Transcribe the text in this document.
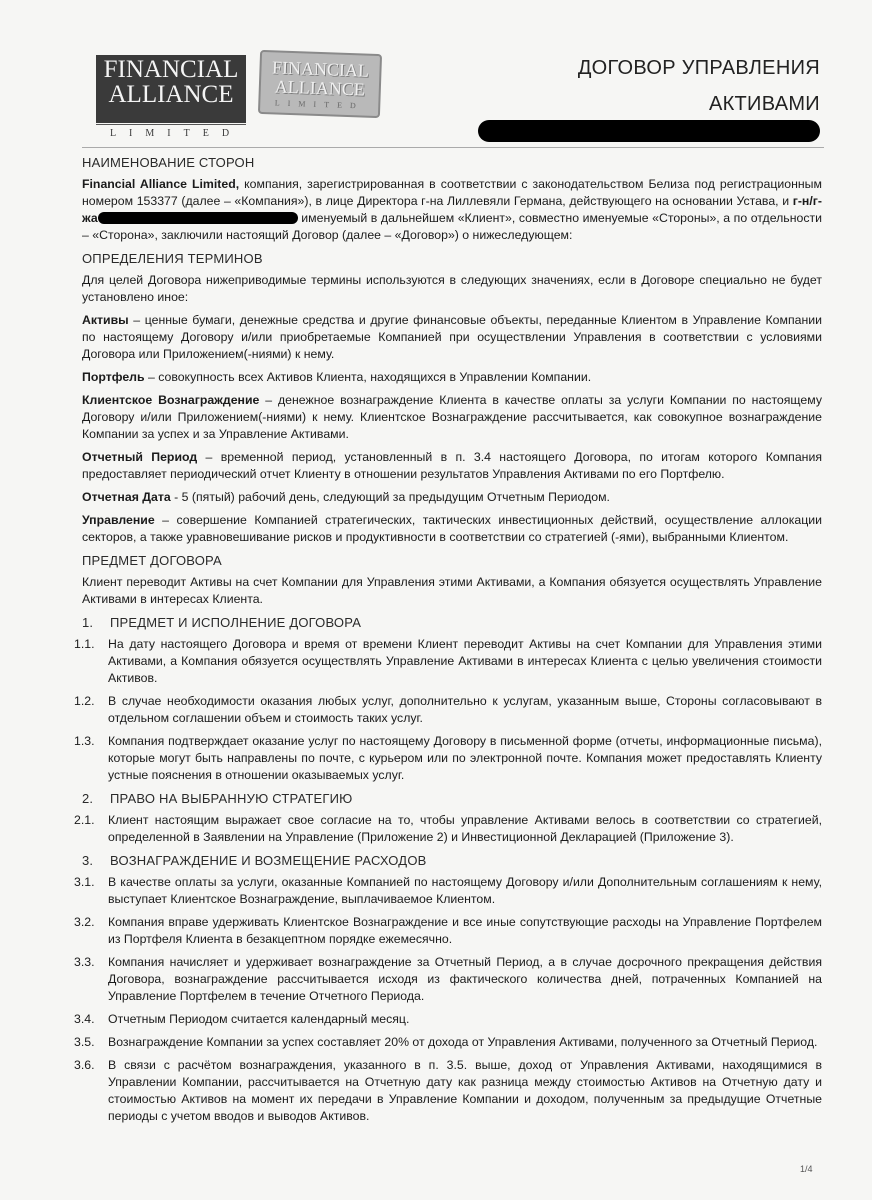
FINANCIAL
ALLIANCE
LIMITED
FINANCIAL
ALLIANCE
LIMITED
ДОГОВОР УПРАВЛЕНИЯ
АКТИВАМИ
НАИМЕНОВАНИЕ СТОРОН

Financial Alliance Limited, компания, зарегистрированная в соответствии с законодательством Белиза под регистрационным номером 153377 (далее – «Компания»), в лице Директора г-на Лиллевяли Германа, действующего на основании Устава, и г-н/г-жа	именуемый в дальнейшем «Клиент», совместно именуемые «Стороны», а по отдельности – «Сторона», заключили настоящий Договор (далее – «Договор») о нижеследующем:

ОПРЕДЕЛЕНИЯ ТЕРМИНОВ

Для целей Договора нижеприводимые термины используются в следующих значениях, если в Договоре специально не будет установлено иное:

Активы – ценные бумаги, денежные средства и другие финансовые объекты, переданные Клиентом в Управление Компании по настоящему Договору и/или приобретаемые Компанией при осуществлении Управления в соответствии с условиями Договора или Приложением(-ниями) к нему.

Портфель – совокупность всех Активов Клиента, находящихся в Управлении Компании.

Клиентское Вознаграждение – денежное вознаграждение Клиента в качестве оплаты за услуги Компании по настоящему Договору и/или Приложением(-ниями) к нему. Клиентское Вознаграждение рассчитывается, как совокупное вознаграждение Компании за успех и за Управление Активами.

Отчетный Период – временной период, установленный в п. 3.4 настоящего Договора, по итогам которого Компания предоставляет периодический отчет Клиенту в отношении результатов Управления Активами по его Портфелю.

Отчетная Дата - 5 (пятый) рабочий день, следующий за предыдущим Отчетным Периодом.

Управление – совершение Компанией стратегических, тактических инвестиционных действий, осуществление аллокации секторов, а также уравновешивание рисков и продуктивности в соответствии со стратегией (-ями), выбранными Клиентом.

ПРЕДМЕТ ДОГОВОРА

Клиент переводит Активы на счет Компании для Управления этими Активами, а Компания обязуется осуществлять Управление Активами в интересах Клиента.

1.	ПРЕДМЕТ И ИСПОЛНЕНИЕ ДОГОВОРА
1.1.	На дату настоящего Договора и время от времени Клиент переводит Активы на счет Компании для Управления этими Активами, а Компания обязуется осуществлять Управление Активами в интересах Клиента с целью увеличения стоимости Активов.
1.2.	В случае необходимости оказания любых услуг, дополнительно к услугам, указанным выше, Стороны согласовывают в отдельном соглашении объем и стоимость таких услуг.
1.3.	Компания подтверждает оказание услуг по настоящему Договору в письменной форме (отчеты, информационные письма), которые могут быть направлены по почте, с курьером или по электронной почте. Компания может предоставлять Клиенту устные пояснения в отношении оказываемых услуг.
2.	ПРАВО НА ВЫБРАННУЮ СТРАТЕГИЮ
2.1.	Клиент настоящим выражает свое согласие на то, чтобы управление Активами велось в соответствии со стратегией, определенной в Заявлении на Управление (Приложение 2) и Инвестиционной Декларацией (Приложение 3).
3.	ВОЗНАГРАЖДЕНИЕ И ВОЗМЕЩЕНИЕ РАСХОДОВ
3.1.	В качестве оплаты за услуги, оказанные Компанией по настоящему Договору и/или Дополнительным соглашениям к нему, выступает Клиентское Вознаграждение, выплачиваемое Клиентом.
3.2.	Компания вправе удерживать Клиентское Вознаграждение и все иные сопутствующие расходы на Управление Портфелем из Портфеля Клиента в безакцептном порядке ежемесячно.
3.3.	Компания начисляет и удерживает вознаграждение за Отчетный Период, а в случае досрочного прекращения действия Договора, вознаграждение рассчитывается исходя из фактического количества дней, потраченных Компанией на Управление Портфелем в течение Отчетного Периода.
3.4.	Отчетным Периодом считается календарный месяц.
3.5.	Вознаграждение Компании за успех составляет 20% от дохода от Управления Активами, полученного за Отчетный Период.
3.6.	В связи с расчётом вознаграждения, указанного в п. 3.5. выше, доход от Управления Активами, находящимися в Управлении Компании, рассчитывается на Отчетную дату как разница между стоимостью Активов на Отчетную дату и стоимостью Активов на момент их передачи в Управление Компании и доходом, полученным за предыдущие Отчетные периоды с учетом вводов и выводов Активов.
1/4
